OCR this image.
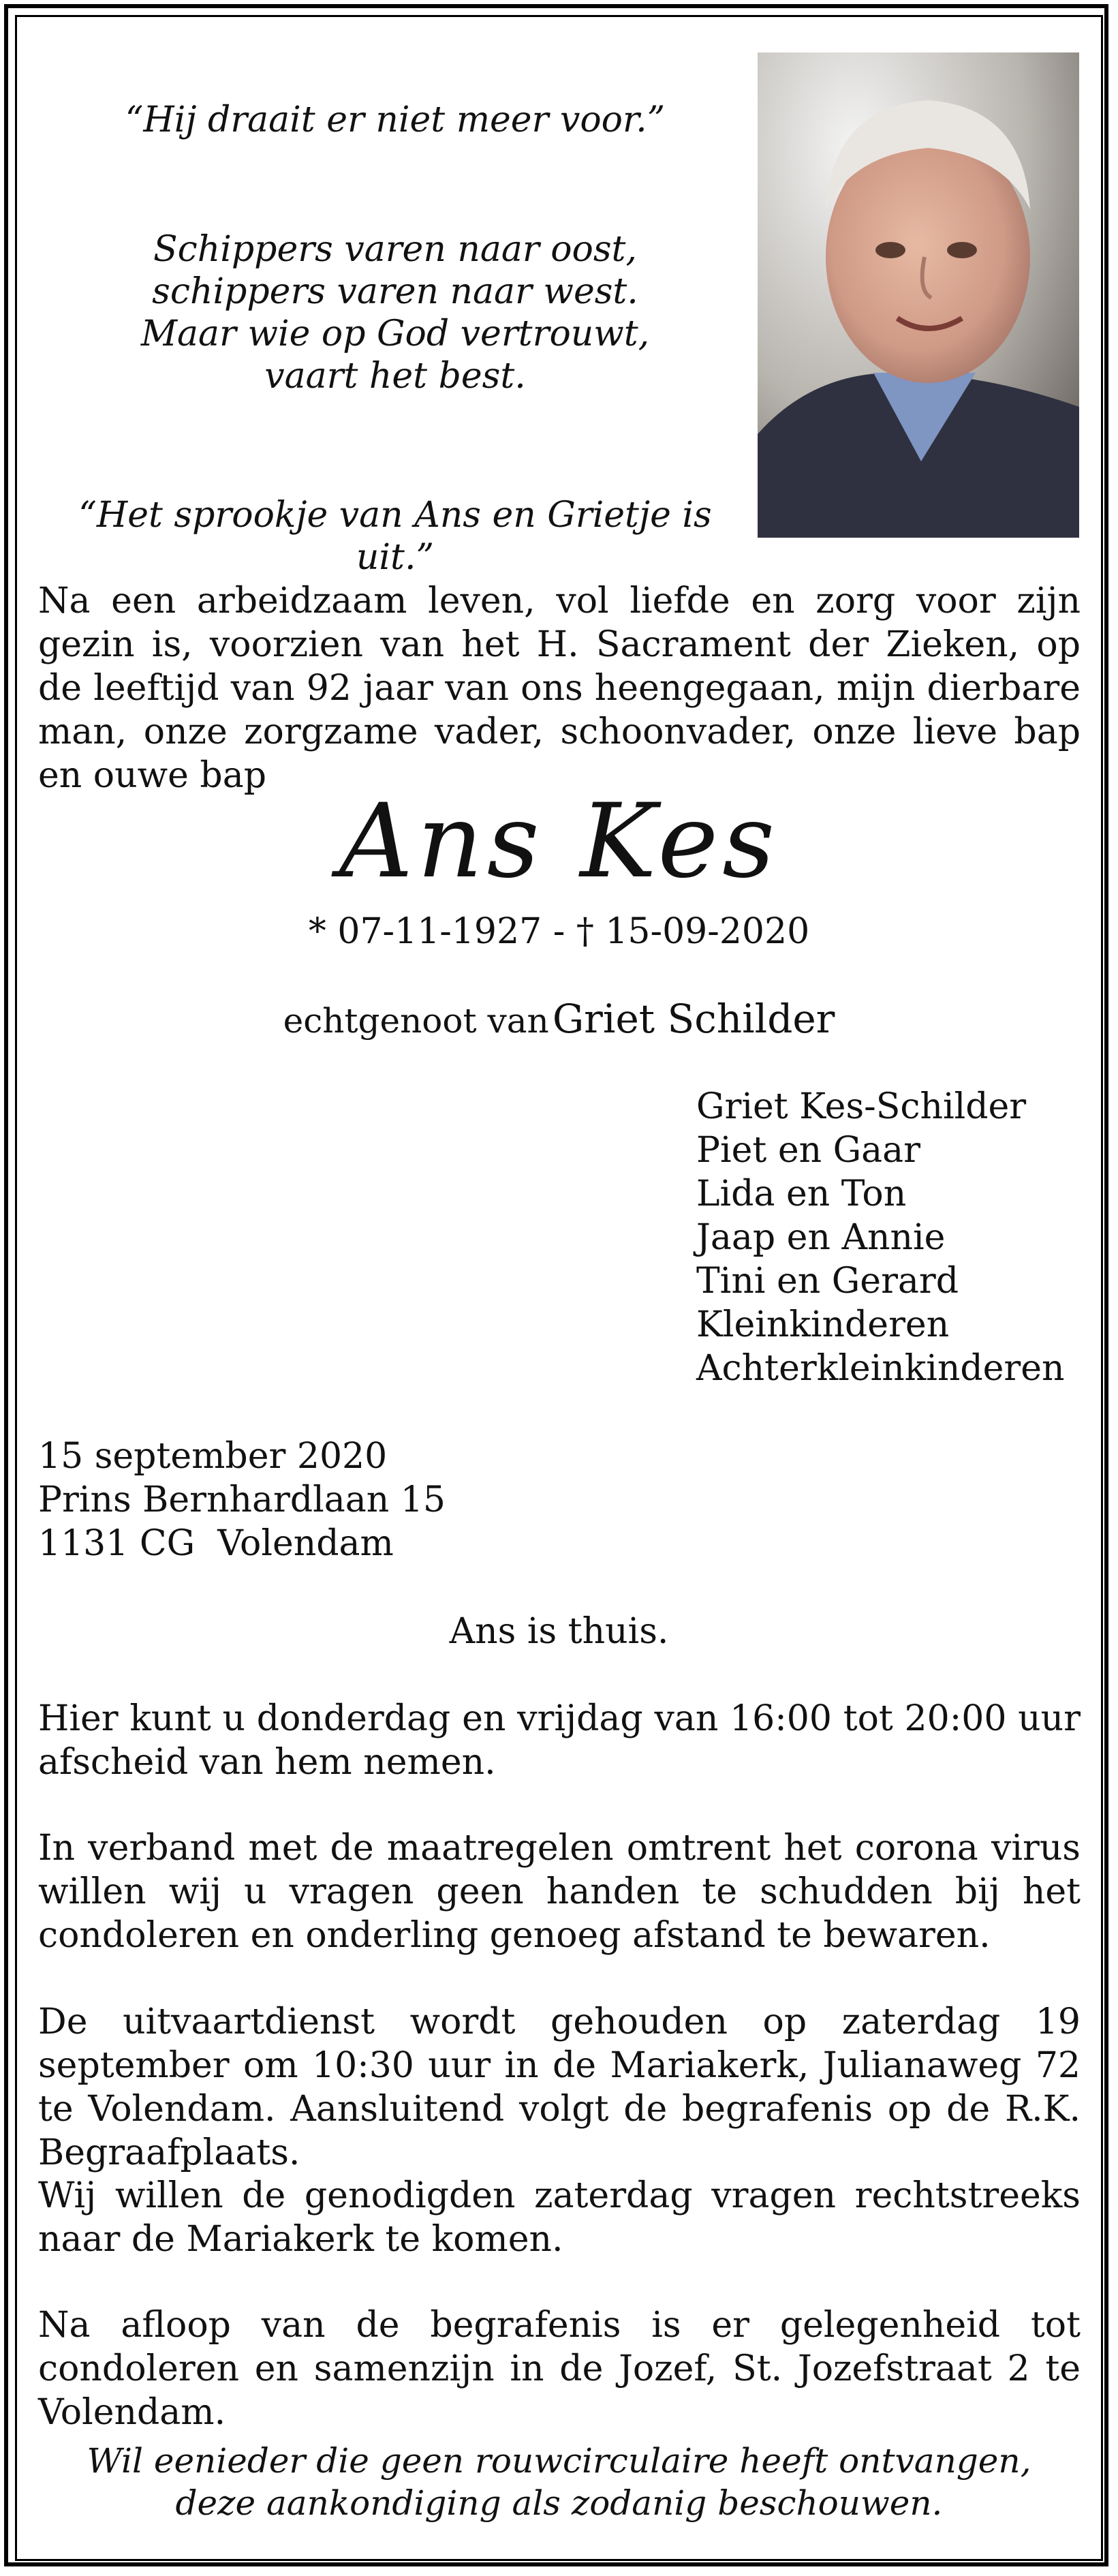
“Hij draait er niet meer voor.”
Schippers varen naar oost,
schippers varen naar west.
Maar wie op God vertrouwt,
vaart het best.
“Het sprookje van Ans en Grietje is uit.”
Na een arbeidzaam leven, vol liefde en zorg voor zijn gezin is, voorzien van het H. Sacrament der Zieken, op de leeftijd van 92 jaar van ons heengegaan, mijn dierbare man, onze zorgzame vader, schoonvader, onze lieve bap en ouwe bap
Ans Kes
* 07-11-1927 - † 15-09-2020
echtgenoot van Griet Schilder
Griet Kes-Schilder
Piet en Gaar
Lida en Ton
Jaap en Annie
Tini en Gerard
Kleinkinderen
Achterkleinkinderen
15 september 2020
Prins Bernhardlaan 15
1131 CG  Volendam
Ans is thuis.
Hier kunt u donderdag en vrijdag van 16:00 tot 20:00 uur afscheid van hem nemen.
In verband met de maatregelen omtrent het corona virus willen wij u vragen geen handen te schudden bij het condoleren en onderling genoeg afstand te bewaren.
De uitvaartdienst wordt gehouden op zaterdag 19 september om 10:30 uur in de Mariakerk, Julianaweg 72 te Volendam. Aansluitend volgt de begrafenis op de R.K. Begraafplaats.
Wij willen de genodigden zaterdag vragen rechtstreeks naar de Mariakerk te komen.
Na afloop van de begrafenis is er gelegenheid tot condoleren en samenzijn in de Jozef, St. Jozefstraat 2 te Volendam.
Wil eenieder die geen rouwcirculaire heeft ontvangen,
deze aankondiging als zodanig beschouwen.
